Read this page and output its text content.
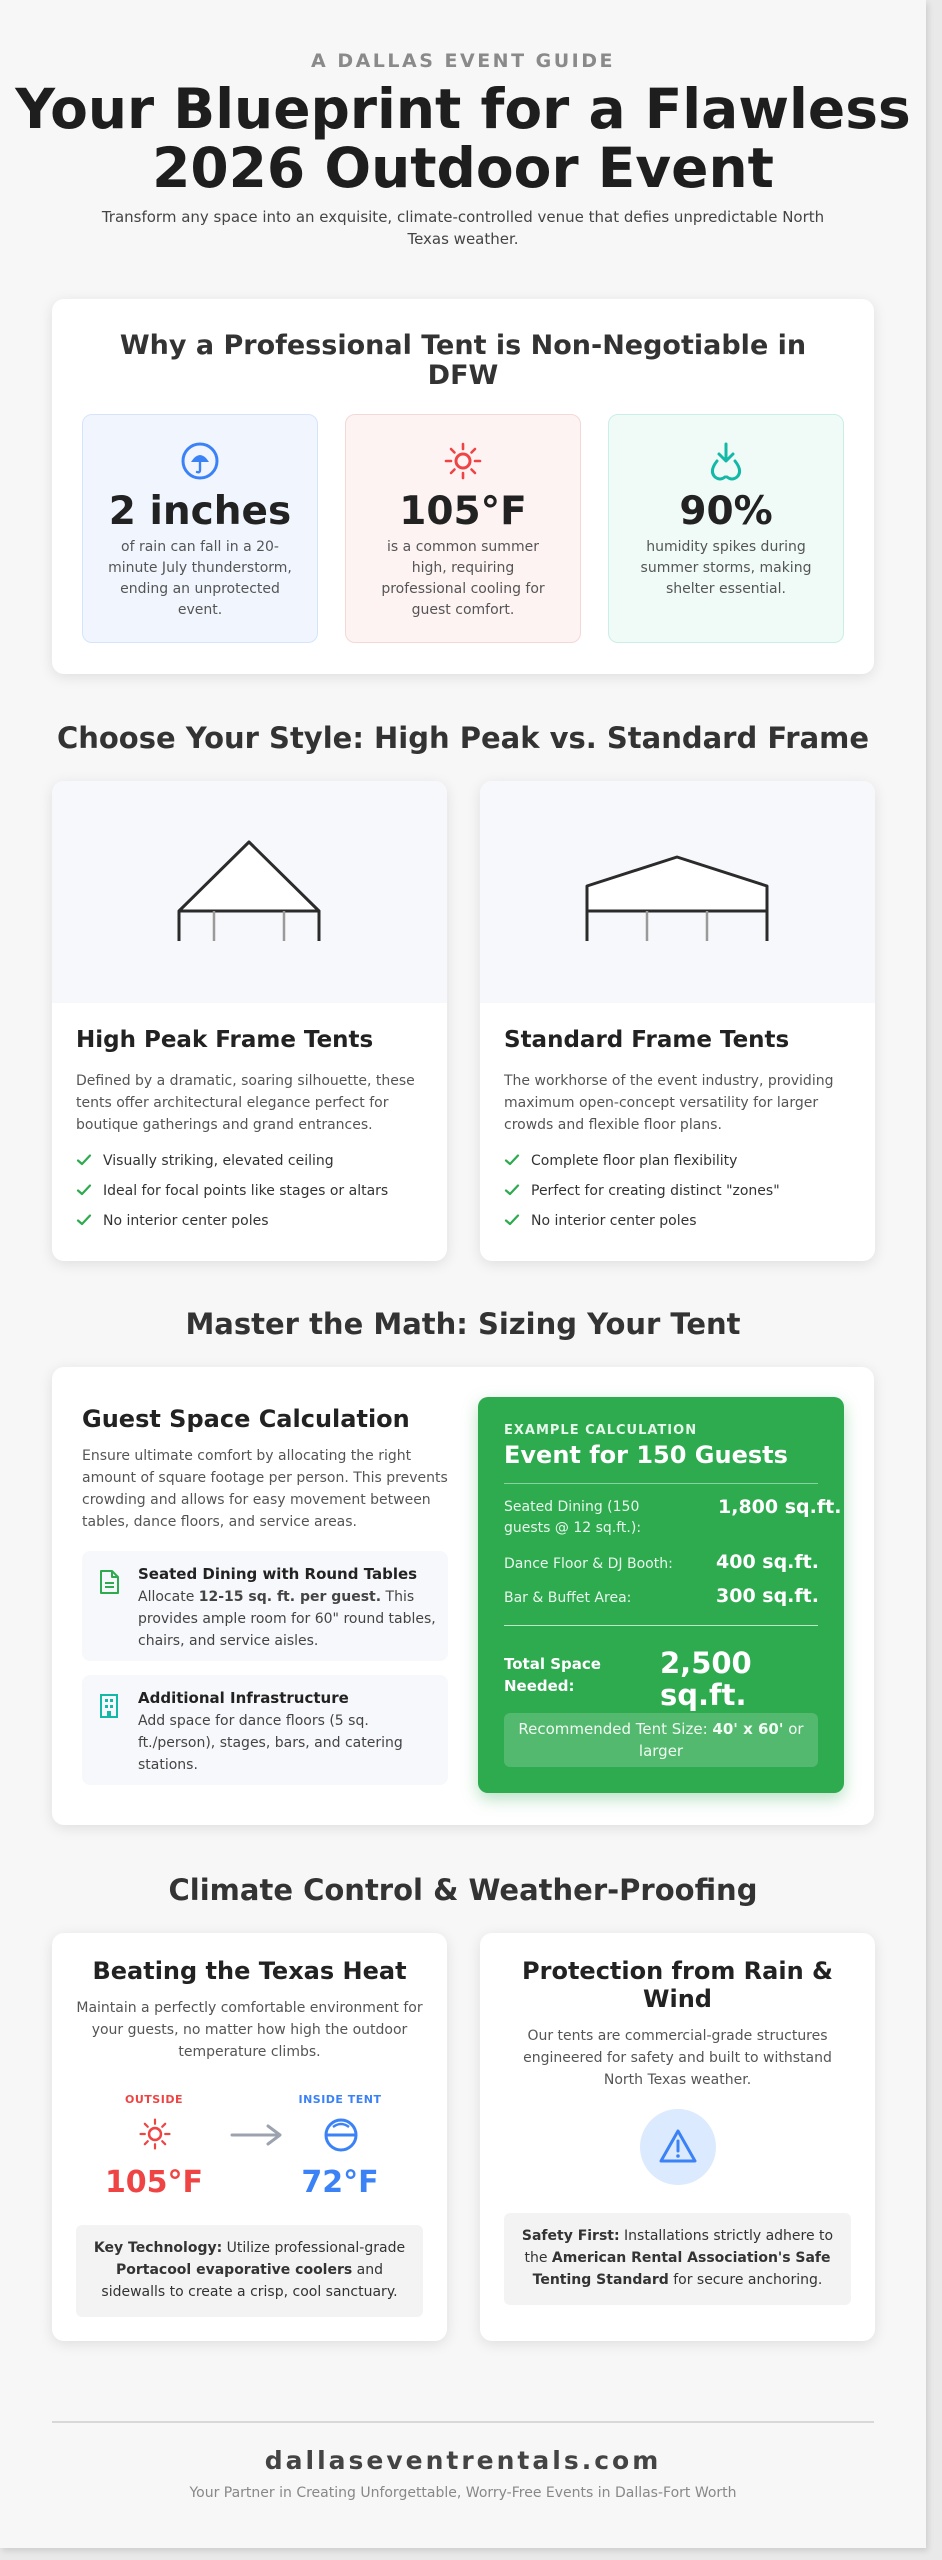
A DALLAS EVENT GUIDE
Your Blueprint for a Flawless
2026 Outdoor Event
Transform any space into an exquisite, climate-controlled venue that defies unpredictable North Texas weather.
Why a Professional Tent is Non-Negotiable in DFW
2 inches
of rain can fall in a 20-minute July thunderstorm, ending an unprotected event.
105°F
is a common summer high, requiring professional cooling for guest comfort.
90%
humidity spikes during summer storms, making shelter essential.
Choose Your Style: High Peak vs. Standard Frame
High Peak Frame Tents
Defined by a dramatic, soaring silhouette, these tents offer architectural elegance perfect for boutique gatherings and grand entrances.
Visually striking, elevated ceiling
Ideal for focal points like stages or altars
No interior center poles
Standard Frame Tents
The workhorse of the event industry, providing maximum open-concept versatility for larger crowds and flexible floor plans.
Complete floor plan flexibility
Perfect for creating distinct "zones"
No interior center poles
Master the Math: Sizing Your Tent
Guest Space Calculation
Ensure ultimate comfort by allocating the right amount of square footage per person. This prevents crowding and allows for easy movement between tables, dance floors, and service areas.
Seated Dining with Round Tables
Allocate 12-15 sq. ft. per guest. This provides ample room for 60" round tables, chairs, and service aisles.
Additional Infrastructure
Add space for dance floors (5 sq. ft./person), stages, bars, and catering stations.
EXAMPLE CALCULATION
Event for 150 Guests
Seated Dining (150 guests @ 12 sq.ft.):
1,800 sq.ft.
Dance Floor & DJ Booth: 400 sq.ft.
Bar & Buffet Area:	300 sq.ft.
Total Space Needed:
2,500 sq.ft.
Recommended Tent Size: 40' x 60' or larger
Climate Control & Weather-Proofing
Beating the Texas Heat
Maintain a perfectly comfortable environment for your guests, no matter how high the outdoor temperature climbs.
OUTSIDE
105°F
INSIDE TENT
72°F
Key Technology: Utilize professional-grade Portacool evaporative coolers and sidewalls to create a crisp, cool sanctuary.
Protection from Rain & Wind
Our tents are commercial-grade structures engineered for safety and built to withstand North Texas weather.
Safety First: Installations strictly adhere to the American Rental Association's Safe Tenting Standard for secure anchoring.
dallaseventrentals.com
Your Partner in Creating Unforgettable, Worry-Free Events in Dallas-Fort Worth
